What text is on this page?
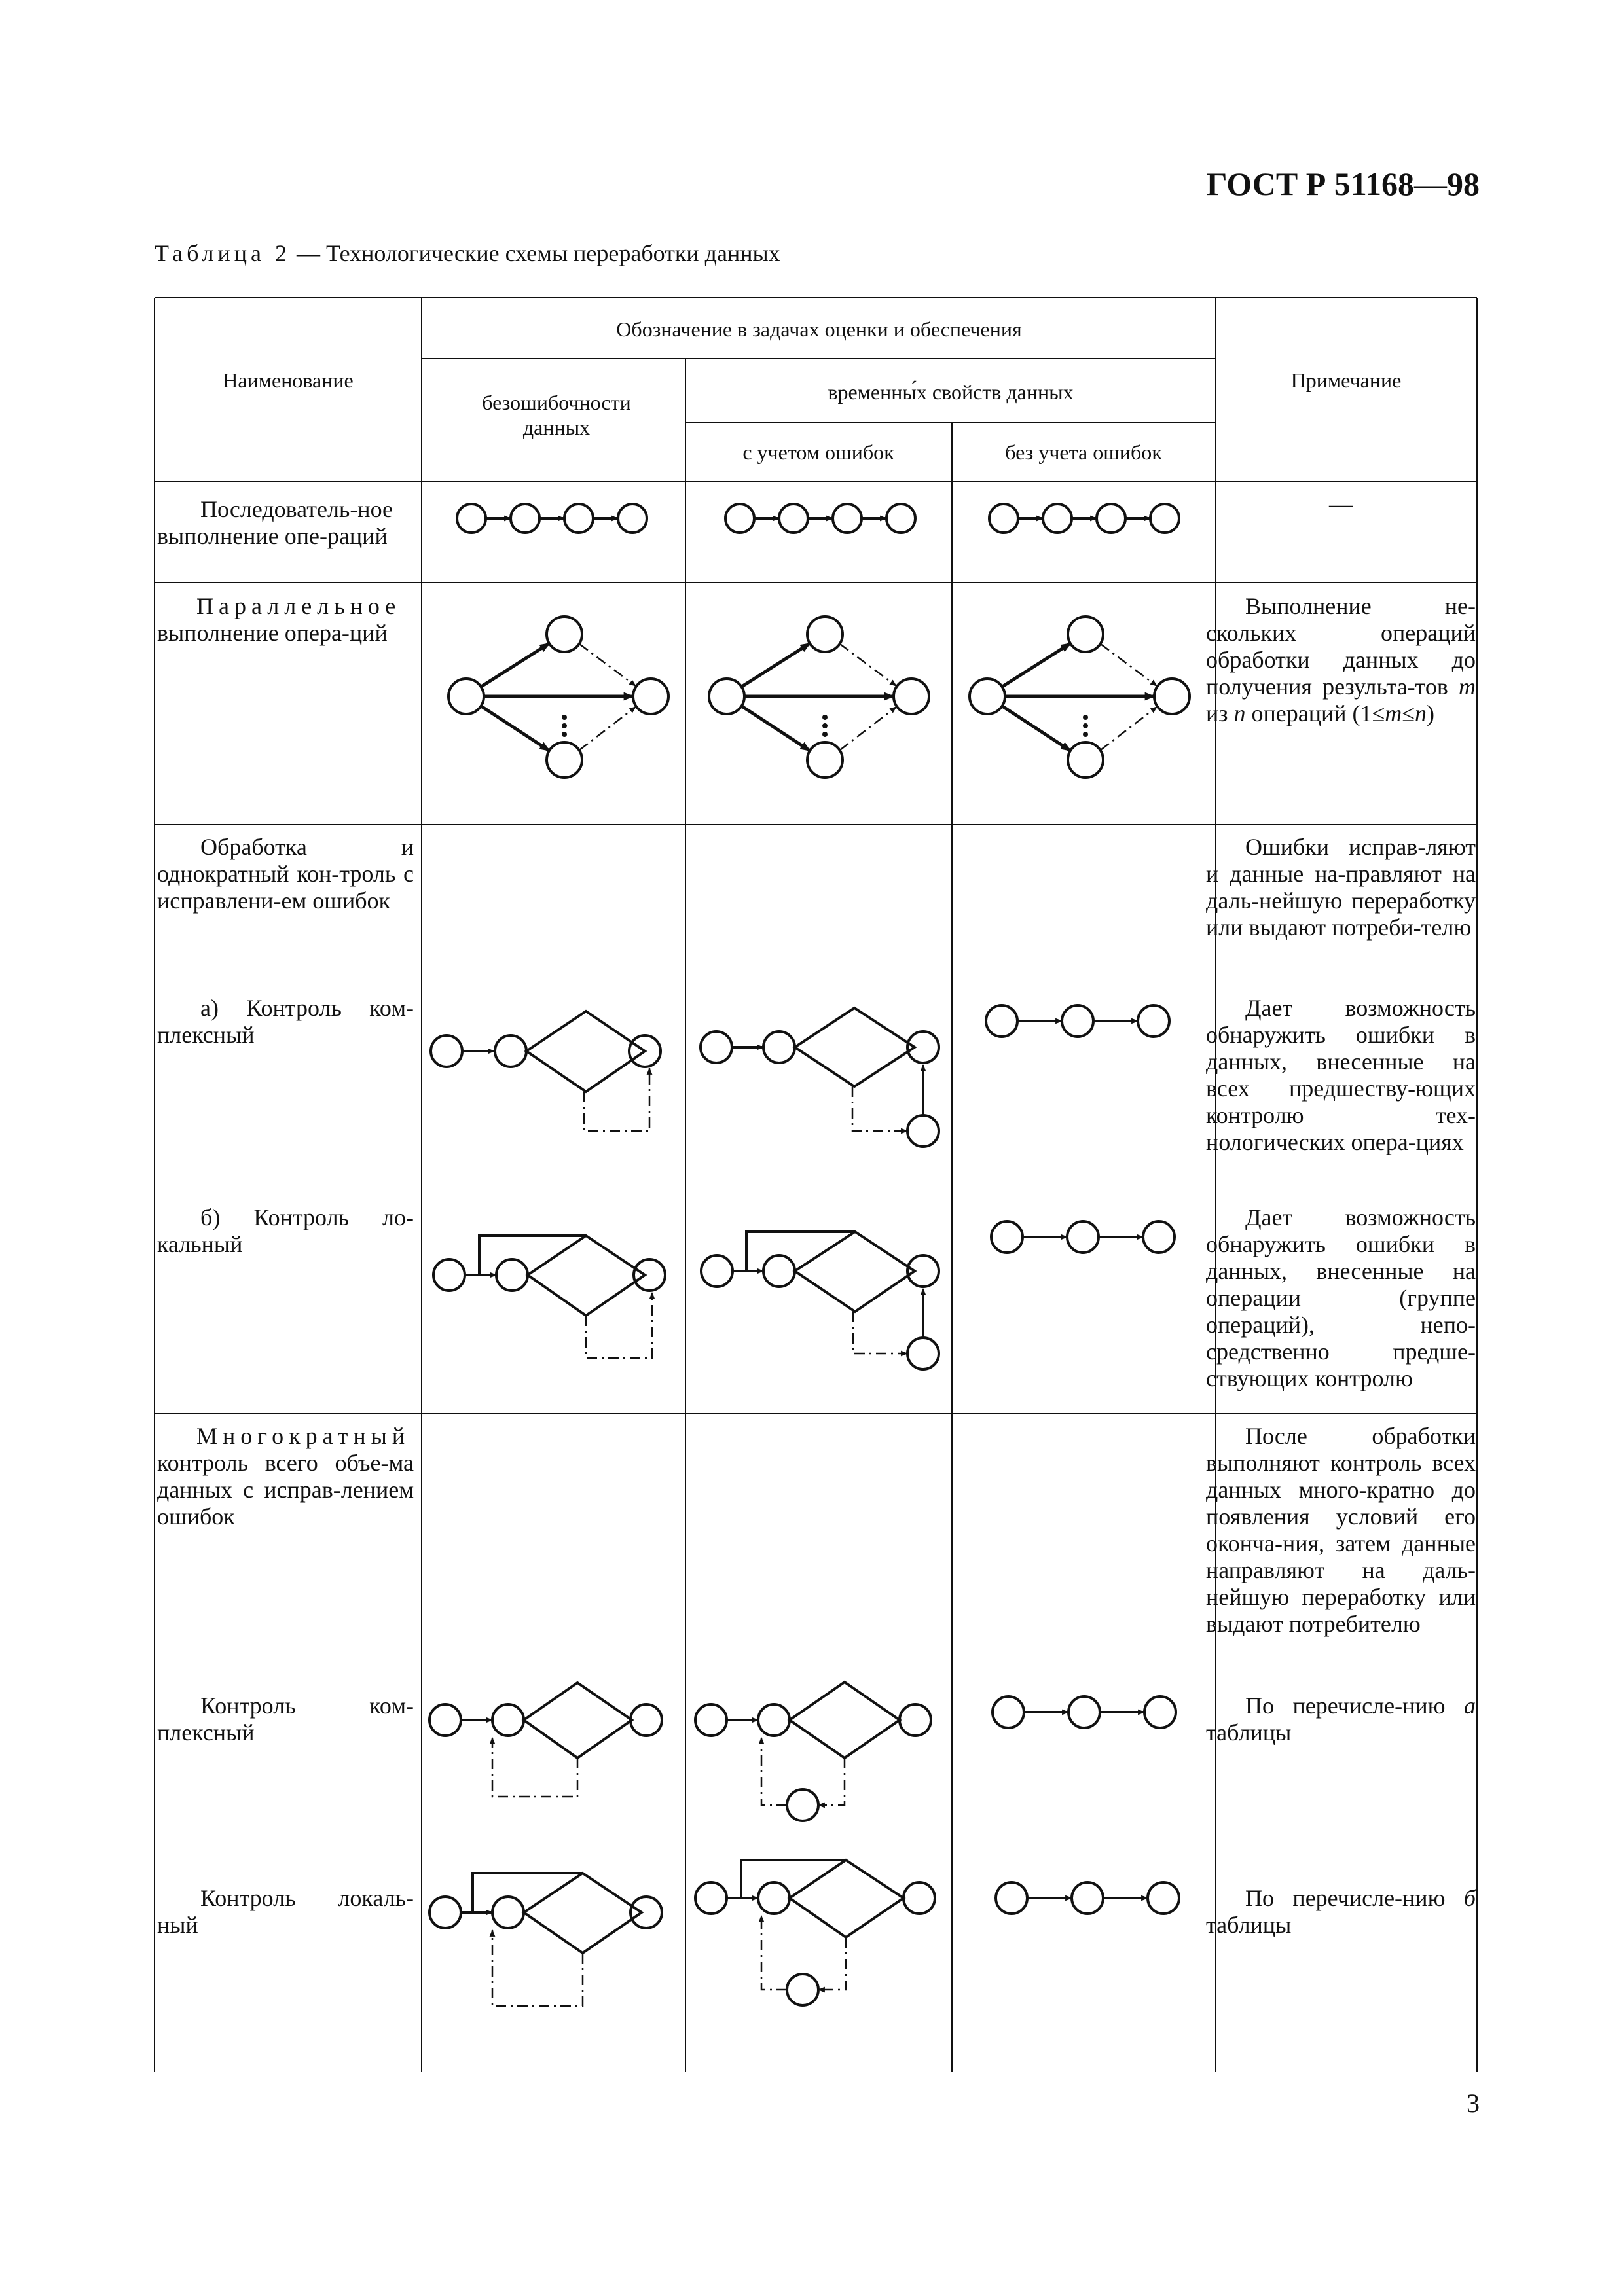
ГОСТ Р 51168—98
Таблица 2 — Технологические схемы переработки данных
Наименование
Обозначение в задачах оценки и обеспечения
безошибочности данных
временны́х свойств данных
с учетом ошибок	без учета ошибок
Примечание
Последователь-ное выполнение опе-раций
—
Параллельное
выполнение опера-ций
Выполнение не-скольких операций обработки данных до получения результа-тов m из n операций (1≤m≤n)
Обработка и однократный кон-троль с исправлени-ем ошибок
Ошибки исправ-ляют и данные на-правляют на даль-нейшую переработку или выдают потреби-телю
а) Контроль ком-плексный
Дает возможность обнаружить ошибки в данных, внесенные на всех предшеству-ющих контролю тех-нологических опера-циях
б) Контроль ло-кальный
Дает возможность обнаружить ошибки в данных, внесенные на операции (группе операций), непо-средственно предше-ствующих контролю
Многократный
контроль всего объе-ма данных с исправ-лением ошибок
После обработки выполняют контроль всех данных много-кратно до появления условий его оконча-ния, затем данные направляют на даль-нейшую переработку или выдают потребителю
Контроль ком-плексный
По перечисле-нию а таблицы
Контроль локаль-ный
По перечисле-нию б таблицы
3
